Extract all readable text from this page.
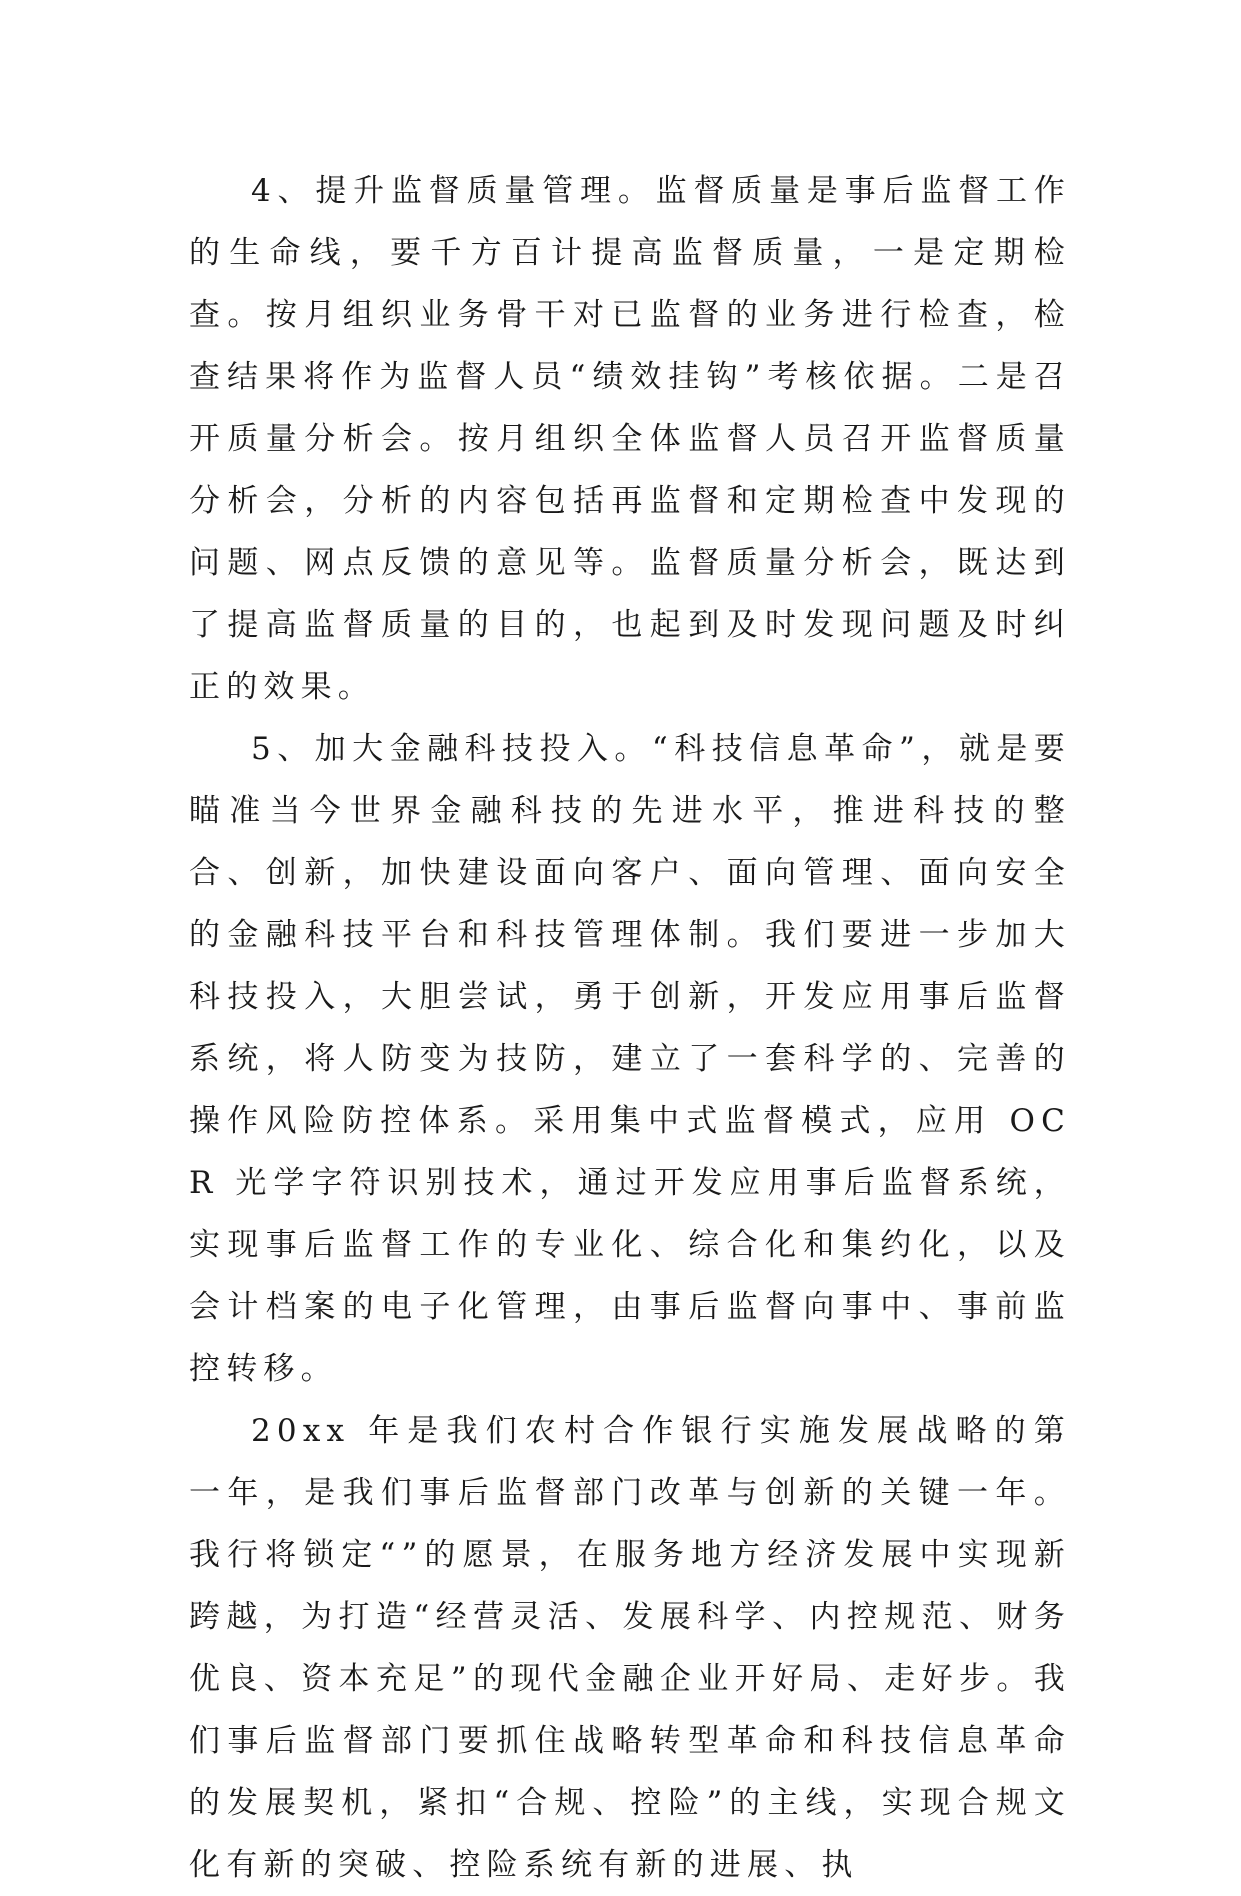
4、提升监督质量管理。监督质量是事后监督工作的生命线，要千方百计提高监督质量，一是定期检查。按月组织业务骨干对已监督的业务进行检查，检查结果将作为监督人员“绩效挂钩”考核依据。二是召开质量分析会。按月组织全体监督人员召开监督质量分析会，分析的内容包括再监督和定期检查中发现的问题、网点反馈的意见等。监督质量分析会，既达到了提高监督质量的目的，也起到及时发现问题及时纠正的效果。

5、加大金融科技投入。“科技信息革命”，就是要瞄准当今世界金融科技的先进水平，推进科技的整合、创新，加快建设面向客户、面向管理、面向安全的金融科技平台和科技管理体制。我们要进一步加大科技投入，大胆尝试，勇于创新，开发应用事后监督系统，将人防变为技防，建立了一套科学的、完善的操作风险防控体系。采用集中式监督模式，应用 OCR 光学字符识别技术，通过开发应用事后监督系统，实现事后监督工作的专业化、综合化和集约化，以及会计档案的电子化管理，由事后监督向事中、事前监控转移。

20xx 年是我们农村合作银行实施发展战略的第一年，是我们事后监督部门改革与创新的关键一年。我行将锁定“”的愿景，在服务地方经济发展中实现新跨越，为打造“经营灵活、发展科学、内控规范、财务优良、资本充足”的现代金融企业开好局、走好步。我们事后监督部门要抓住战略转型革命和科技信息革命的发展契机，紧扣“合规、控险”的主线，实现合规文化有新的突破、控险系统有新的进展、执
